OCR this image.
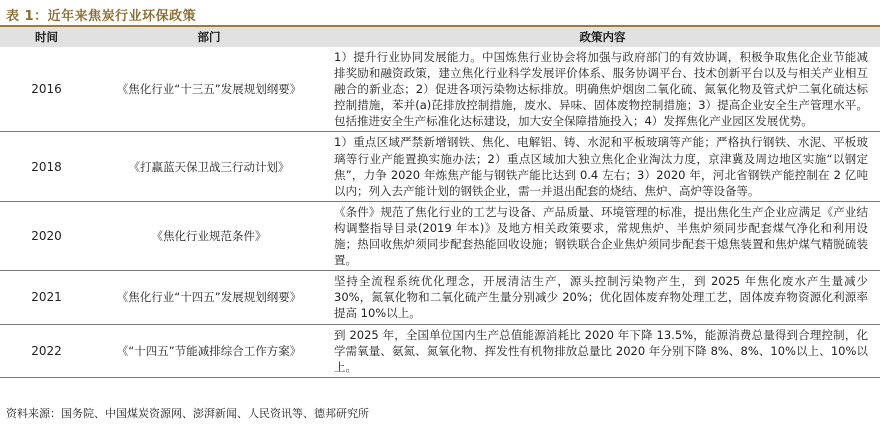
表 1：近年来焦炭行业环保政策
时间	部门	政策内容
2016	《焦化行业“十三五”发展规划纲要》	1）提升行业协同发展能力。中国炼焦行业协会将加强与政府部门的有效协调，积极争取焦化企业节能减排奖励和融资政策，建立焦化行业科学发展评价体系、服务协调平台、技术创新平台以及与相关产业相互融合的新业态；2）促进各项污染物达标排放。明确焦炉烟囱二氧化硫、氮氧化物及管式炉二氧化硫达标控制措施，苯并(a)芘排放控制措施，废水、异味、固体废物控制措施；3）提高企业安全生产管理水平。包括推进安全生产标准化达标建设，加大安全保障措施投入；4）发挥焦化产业园区发展优势。
2018	《打赢蓝天保卫战三行动计划》	1）重点区域严禁新增钢铁、焦化、电解铝、铸、水泥和平板玻璃等产能；严格执行钢铁、水泥、平板玻璃等行业产能置换实施办法；2）重点区域加大独立焦化企业淘汰力度，京津冀及周边地区实施“以钢定焦”，力争 2020 年炼焦产能与钢铁产能比达到 0.4 左右；3）2020 年，河北省钢铁产能控制在 2 亿吨以内；列入去产能计划的钢铁企业，需一并退出配套的烧结、焦炉、高炉等设备等。
2020	《焦化行业规范条件》	《条件》规范了焦化行业的工艺与设备、产品质量、环境管理的标准，提出焦化生产企业应满足《产业结构调整指导目录(2019 年本)》及地方相关政策要求，常规焦炉、半焦炉须同步配套煤气净化和利用设施；热回收焦炉须同步配套热能回收设施；钢铁联合企业焦炉须同步配套干熄焦装置和焦炉煤气精脱硫装置。
2021	《焦化行业“十四五”发展规划纲要》	坚持全流程系统优化理念，开展清洁生产，源头控制污染物产生，到 2025 年焦化废水产生量减少 30%，氮氧化物和二氧化硫产生量分别减少 20%；优化固体废弃物处理工艺，固体废弃物资源化利源率提高 10%以上。
2022	《“十四五”节能减排综合工作方案》	到 2025 年，全国单位国内生产总值能源消耗比 2020 年下降 13.5%，能源消费总量得到合理控制，化学需氧量、氨氮、氮氧化物、挥发性有机物排放总量比 2020 年分别下降 8%、8%、10%以上、10%以上。
资料来源：国务院、中国煤炭资源网、澎湃新闻、人民资讯等、德邦研究所
